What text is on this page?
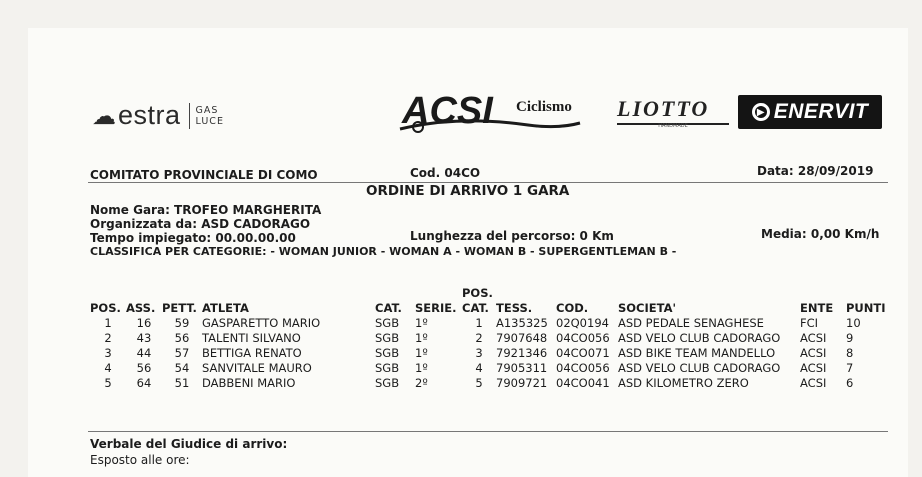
☁ estra GAS
LUCE	ACSI Ciclismo LIOTTO
HANDMADE
▶ ENERVIT
COMITATO PROVINCIALE DI COMO	Cod. 04CO	Data: 28/09/2019
ORDINE DI ARRIVO 1 GARA
Nome Gara: TROFEO MARGHERITA
Organizzata da: ASD CADORAGO
Tempo impiegato: 00.00.00.00	Lunghezza del percorso: 0 Km	Media: 0,00 Km/h
CLASSIFICA PER CATEGORIE: - WOMAN JUNIOR - WOMAN A - WOMAN B - SUPERGENTLEMAN B -
POS.	ASS.	PETT.	ATLETA	CAT.	SERIE.	POS.
CAT.	TESS.	COD.	SOCIETA'	ENTE	PUNTI
1	16	59	GASPARETTO MARIO	SGB	1º	1	A135325	02Q0194	ASD PEDALE SENAGHESE	FCI	10
2	43	56	TALENTI SILVANO	SGB	1º	2	7907648	04CO056	ASD VELO CLUB CADORAGO	ACSI	9
3	44	57	BETTIGA RENATO	SGB	1º	3	7921346	04CO071	ASD BIKE TEAM MANDELLO	ACSI	8
4	56	54	SANVITALE MAURO	SGB	1º	4	7905311	04CO056	ASD VELO CLUB CADORAGO	ACSI	7
5	64	51	DABBENI MARIO	SGB	2º	5	7909721	04CO041	ASD KILOMETRO ZERO	ACSI	6
Verbale del Giudice di arrivo:
Esposto alle ore:
